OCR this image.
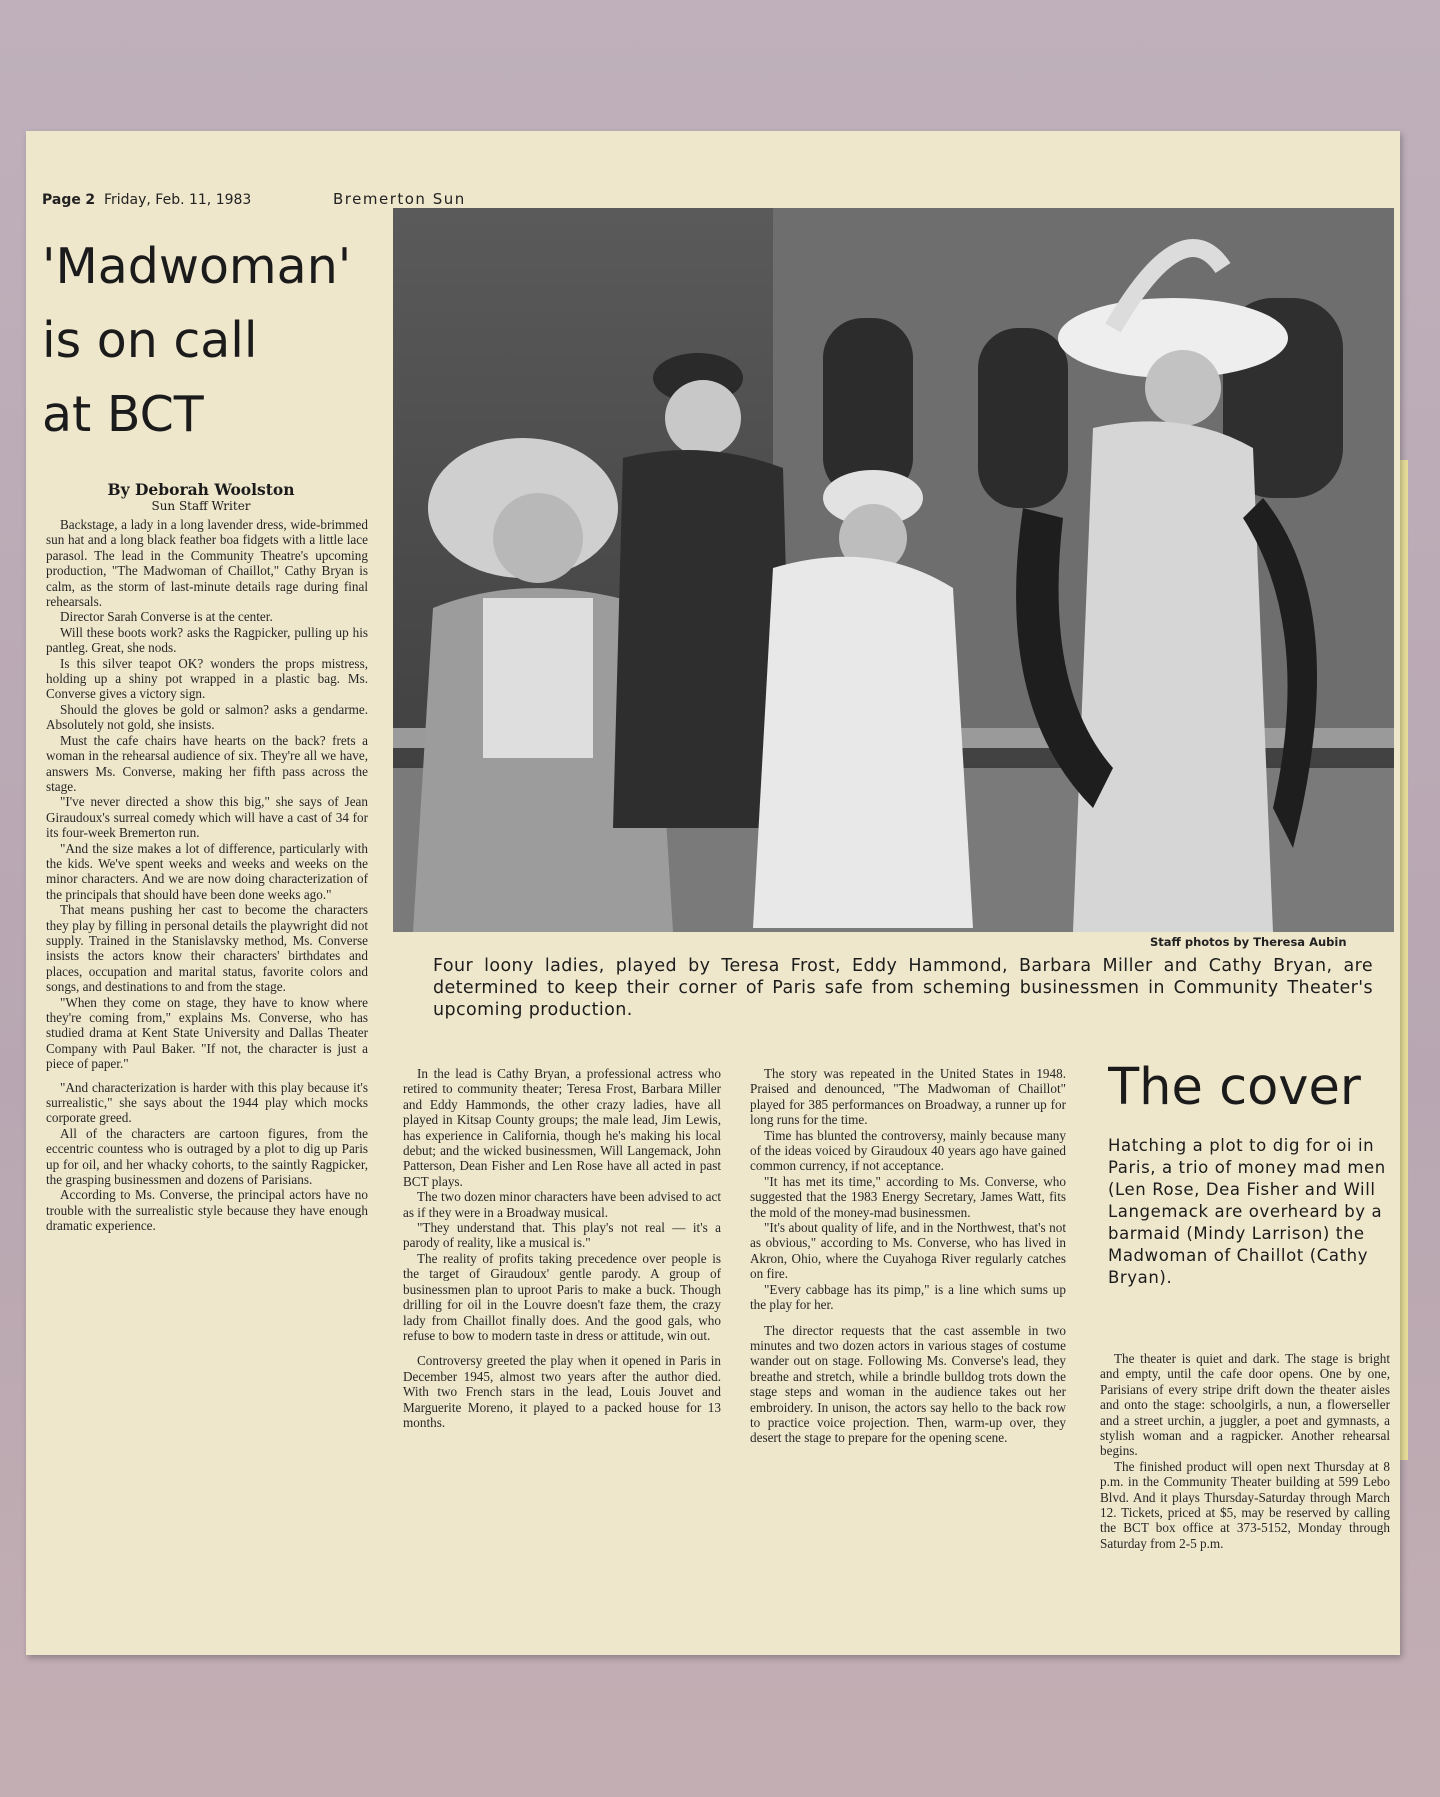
Page 2 Friday, Feb. 11, 1983	Bremerton Sun
'Madwoman'
is on call
at BCT
By Deborah Woolston
Sun Staff Writer

Backstage, a lady in a long lavender dress, wide-brimmed sun hat and a long black feather boa fidgets with a little lace parasol. The lead in the Community Theatre's upcoming production, "The Madwoman of Chaillot," Cathy Bryan is calm, as the storm of last-minute details rage during final rehearsals.

Director Sarah Converse is at the center.

Will these boots work? asks the Ragpicker, pulling up his pantleg. Great, she nods.

Is this silver teapot OK? wonders the props mistress, holding up a shiny pot wrapped in a plastic bag. Ms. Converse gives a victory sign.

Should the gloves be gold or salmon? asks a gendarme. Absolutely not gold, she insists.

Must the cafe chairs have hearts on the back? frets a woman in the rehearsal audience of six. They're all we have, answers Ms. Converse, making her fifth pass across the stage.

"I've never directed a show this big," she says of Jean Giraudoux's surreal comedy which will have a cast of 34 for its four-week Bremerton run.

"And the size makes a lot of difference, particularly with the kids. We've spent weeks and weeks and weeks on the minor characters. And we are now doing characterization of the principals that should have been done weeks ago."

That means pushing her cast to become the characters they play by filling in personal details the playwright did not supply. Trained in the Stanislavsky method, Ms. Converse insists the actors know their characters' birthdates and places, occupation and marital status, favorite colors and songs, and destinations to and from the stage.

"When they come on stage, they have to know where they're coming from," explains Ms. Converse, who has studied drama at Kent State University and Dallas Theater Company with Paul Baker. "If not, the character is just a piece of paper."

"And characterization is harder with this play because it's surrealistic," she says about the 1944 play which mocks corporate greed.

All of the characters are cartoon figures, from the eccentric countess who is outraged by a plot to dig up Paris up for oil, and her whacky cohorts, to the saintly Ragpicker, the grasping businessmen and dozens of Parisians.

According to Ms. Converse, the principal actors have no trouble with the surrealistic style because they have enough dramatic experience.

Staff photos by Theresa Aubin
Four loony ladies, played by Teresa Frost, Eddy Hammond, Barbara Miller and Cathy Bryan, are determined to keep their corner of Paris safe from scheming businessmen in Community Theater's upcoming production.

In the lead is Cathy Bryan, a professional actress who retired to community theater; Teresa Frost, Barbara Miller and Eddy Hammonds, the other crazy ladies, have all played in Kitsap County groups; the male lead, Jim Lewis, has experience in California, though he's making his local debut; and the wicked businessmen, Will Langemack, John Patterson, Dean Fisher and Len Rose have all acted in past BCT plays.

The two dozen minor characters have been advised to act as if they were in a Broadway musical.

"They understand that. This play's not real — it's a parody of reality, like a musical is."

The reality of profits taking precedence over people is the target of Giraudoux' gentle parody. A group of businessmen plan to uproot Paris to make a buck. Though drilling for oil in the Louvre doesn't faze them, the crazy lady from Chaillot finally does. And the good gals, who refuse to bow to modern taste in dress or attitude, win out.

Controversy greeted the play when it opened in Paris in December 1945, almost two years after the author died. With two French stars in the lead, Louis Jouvet and Marguerite Moreno, it played to a packed house for 13 months.

The story was repeated in the United States in 1948. Praised and denounced, "The Madwoman of Chaillot" played for 385 performances on Broadway, a runner up for long runs for the time.

Time has blunted the controversy, mainly because many of the ideas voiced by Giraudoux 40 years ago have gained common currency, if not acceptance.

"It has met its time," according to Ms. Converse, who suggested that the 1983 Energy Secretary, James Watt, fits the mold of the money-mad businessmen.

"It's about quality of life, and in the Northwest, that's not as obvious," according to Ms. Converse, who has lived in Akron, Ohio, where the Cuyahoga River regularly catches on fire.

"Every cabbage has its pimp," is a line which sums up the play for her.

The director requests that the cast assemble in two minutes and two dozen actors in various stages of costume wander out on stage. Following Ms. Converse's lead, they breathe and stretch, while a brindle bulldog trots down the stage steps and woman in the audience takes out her embroidery. In unison, the actors say hello to the back row to practice voice projection. Then, warm-up over, they desert the stage to prepare for the opening scene.

The cover
Hatching a plot to dig for oi in Paris, a trio of money mad men (Len Rose, Dea Fisher and Will Langemack are overheard by a barmaid (Mindy Larrison) the Madwoman of Chaillot (Cathy Bryan).

The theater is quiet and dark. The stage is bright and empty, until the cafe door opens. One by one, Parisians of every stripe drift down the theater aisles and onto the stage: schoolgirls, a nun, a flowerseller and a street urchin, a juggler, a poet and gymnasts, a stylish woman and a ragpicker. Another rehearsal begins.

The finished product will open next Thursday at 8 p.m. in the Community Theater building at 599 Lebo Blvd. And it plays Thursday-Saturday through March 12. Tickets, priced at $5, may be reserved by calling the BCT box office at 373-5152, Monday through Saturday from 2-5 p.m.
